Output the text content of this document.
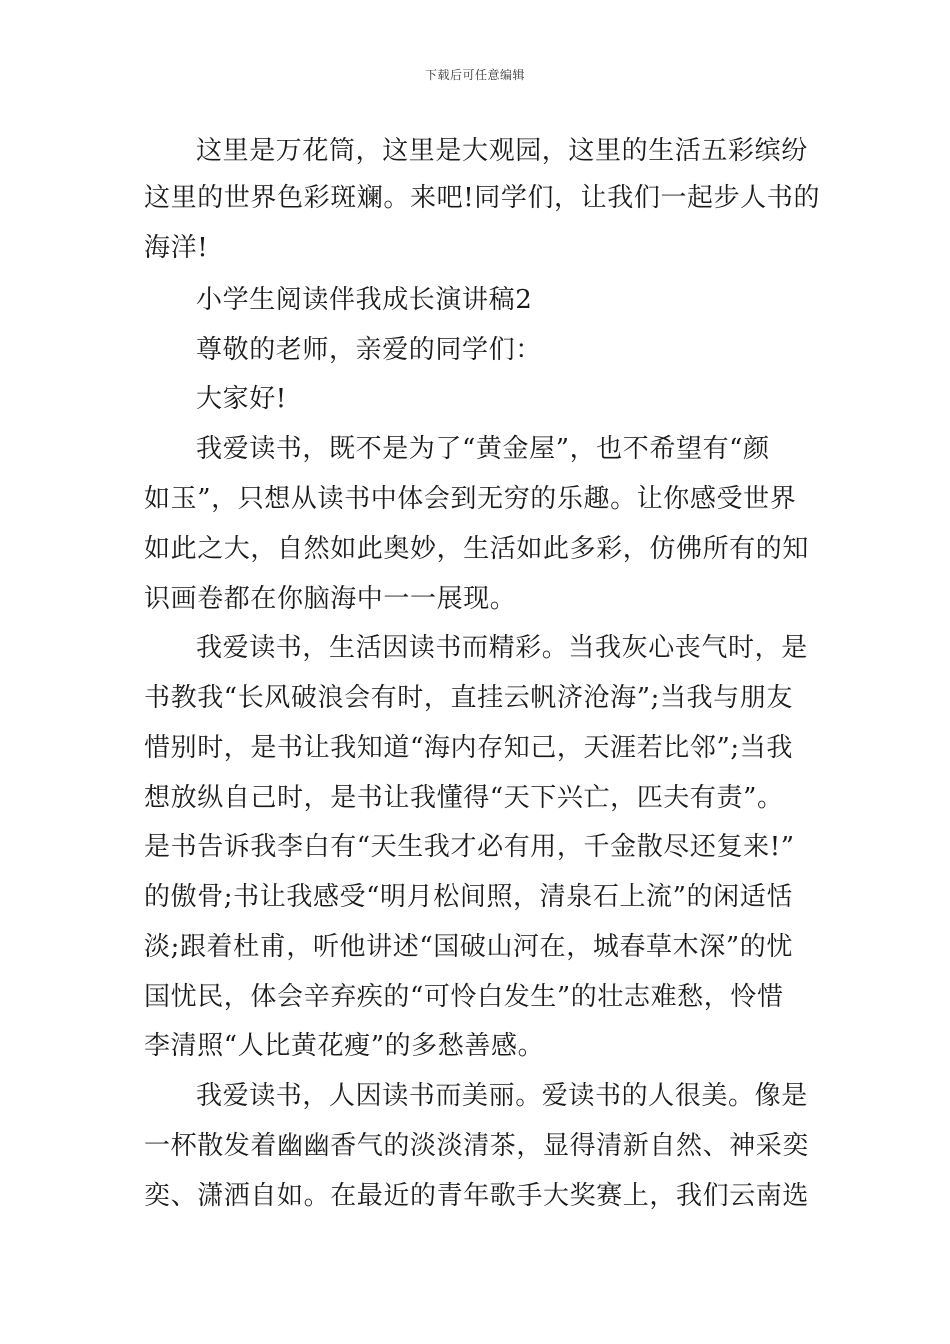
下载后可任意编辑
这里是万花筒，这里是大观园，这里的生活五彩缤纷
这里的世界色彩斑斓。来吧!同学们，让我们一起步人书的
海洋!
小学生阅读伴我成长演讲稿2
尊敬的老师，亲爱的同学们：
大家好!
我爱读书，既不是为了“黄金屋”，也不希望有“颜
如玉”，只想从读书中体会到无穷的乐趣。让你感受世界
如此之大，自然如此奥妙，生活如此多彩，仿佛所有的知
识画卷都在你脑海中一一展现。
我爱读书，生活因读书而精彩。当我灰心丧气时，是
书教我“长风破浪会有时，直挂云帆济沧海”;当我与朋友
惜别时，是书让我知道“海内存知己，天涯若比邻”;当我
想放纵自己时，是书让我懂得“天下兴亡，匹夫有责”。
是书告诉我李白有“天生我才必有用，千金散尽还复来!”
的傲骨;书让我感受“明月松间照，清泉石上流”的闲适恬
淡;跟着杜甫，听他讲述“国破山河在，城春草木深”的忧
国忧民，体会辛弃疾的“可怜白发生”的壮志难愁，怜惜
李清照“人比黄花瘦”的多愁善感。
我爱读书，人因读书而美丽。爱读书的人很美。像是
一杯散发着幽幽香气的淡淡清茶，显得清新自然、神采奕
奕、潇洒自如。在最近的青年歌手大奖赛上，我们云南选
